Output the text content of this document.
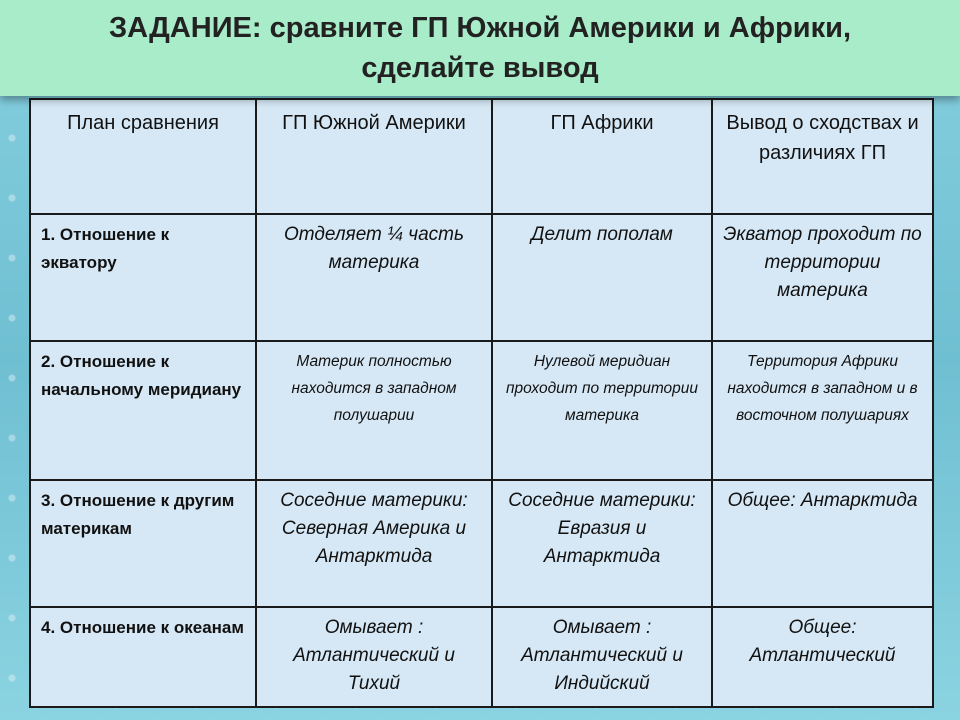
ЗАДАНИЕ: сравните ГП Южной Америки и Африки, сделайте вывод
План сравнения	ГП Южной Америки	ГП Африки	Вывод о сходствах и различиях ГП
1. Отношение к экватору	Отделяет ¼ часть материка	Делит пополам	Экватор проходит по территории материка
2. Отношение к начальному меридиану	Материк полностью находится в западном полушарии	Нулевой меридиан проходит по территории материка	Территория Африки находится в западном и в восточном полушариях
3. Отношение к другим материкам	Соседние материки: Северная Америка и Антарктида	Соседние материки: Евразия и Антарктида	Общее: Антарктида
4. Отношение к океанам	Омывает : Атлантический и Тихий	Омывает : Атлантический и Индийский	Общее: Атлантический
